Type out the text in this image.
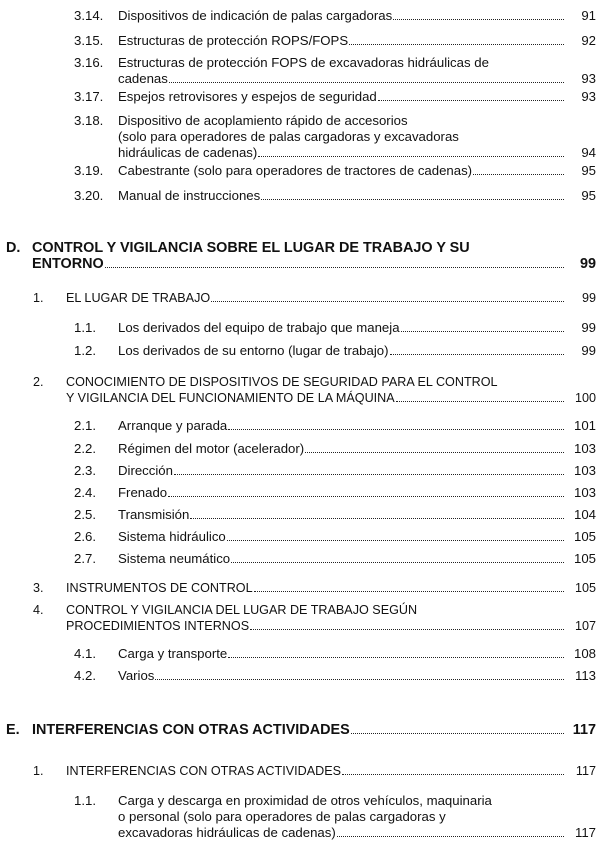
3.14. Dispositivos de indicación de palas cargadoras	91
3.15. Estructuras de protección ROPS/FOPS	92
3.16. Estructuras de protección FOPS de excavadoras hidráulicas de
cadenas	93
3.17. Espejos retrovisores y espejos de seguridad	93
3.18. Dispositivo de acoplamiento rápido de accesorios
(solo para operadores de palas cargadoras y excavadoras
hidráulicas de cadenas)	94
3.19. Cabestrante (solo para operadores de tractores de cadenas)	95
3.20. Manual de instrucciones	95
D. CONTROL Y VIGILANCIA SOBRE EL LUGAR DE TRABAJO Y SU
ENTORNO	99
1. EL LUGAR DE TRABAJO	99
1.1. Los derivados del equipo de trabajo que maneja	99
1.2. Los derivados de su entorno (lugar de trabajo)	99
2. CONOCIMIENTO DE DISPOSITIVOS DE SEGURIDAD PARA EL CONTROL
Y VIGILANCIA DEL FUNCIONAMIENTO DE LA MÁQUINA	100
2.1. Arranque y parada	101
2.2. Régimen del motor (acelerador)	103
2.3. Dirección	103
2.4. Frenado	103
2.5. Transmisión	104
2.6. Sistema hidráulico	105
2.7. Sistema neumático	105
3. INSTRUMENTOS DE CONTROL	105
4. CONTROL Y VIGILANCIA DEL LUGAR DE TRABAJO SEGÚN
PROCEDIMIENTOS INTERNOS	107
4.1. Carga y transporte	108
4.2. Varios	113
E. INTERFERENCIAS CON OTRAS ACTIVIDADES	117
1. INTERFERENCIAS CON OTRAS ACTIVIDADES	117
1.1. Carga y descarga en proximidad de otros vehículos, maquinaria
o personal (solo para operadores de palas cargadoras y
excavadoras hidráulicas de cadenas)	117
